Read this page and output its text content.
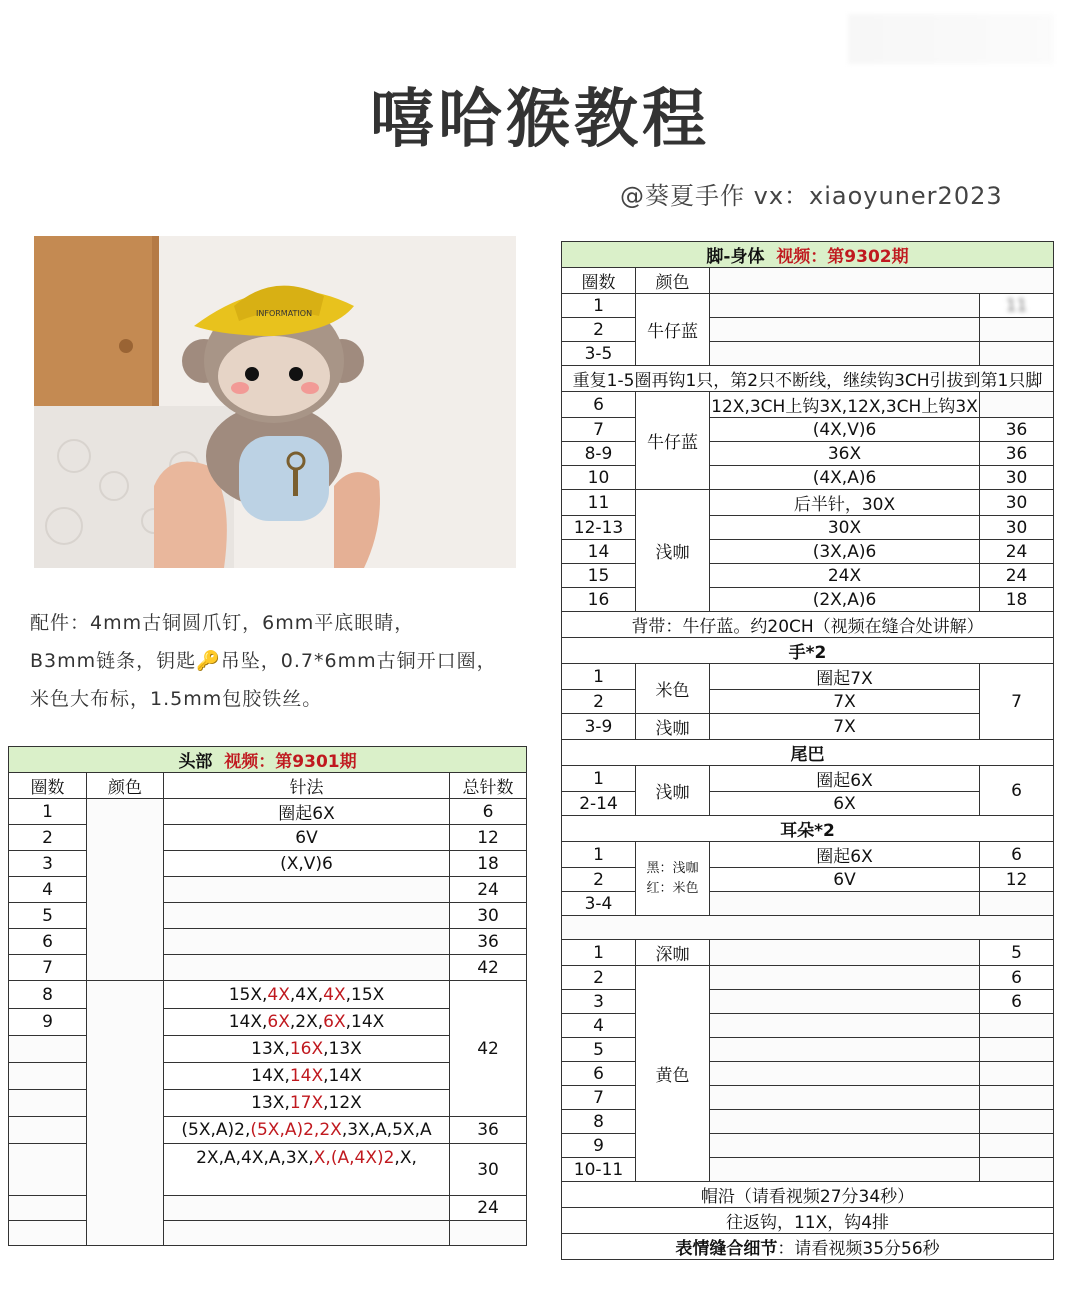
嘻哈猴教程
@葵夏手作 vx：xiaoyuner2023
INFORMATION

配件：4mm古铜圆爪钉，6mm平底眼睛，

B3mm链条，钥匙🔑吊坠，0.7*6mm古铜开口圈，

米色大布标，1.5mm包胶铁丝。

头部 视频：第9301期				
圈数	颜色	针法	总针数	
1		圈起6X	6	
2		6V	12	
3		(X,V)6	18	
4			24	
5			30	
6			36	
7			42	
8		15X,4X,4X,4X,15X	42	
9		14X,6X,2X,6X,14X		
		13X,16X,13X		
		14X,14X,14X		
		13X,17X,12X		
		(5X,A)2,(5X,A)2,2X,3X,A,5X,A	36	
		2X,A,4X,A,3X,X,(A,4X)2,X,	30	
			24	

脚-身体 视频：第9302期			
圈数	颜色		
1	牛仔蓝		11
2			
3-5			
重复1-5圈再钩1只，第2只不断线，继续钩3CH引拔到第1只脚			
6	牛仔蓝	12X,3CH上钩3X,12X,3CH上钩3X	
7		(4X,V)6	36
8-9		36X	36
10		(4X,A)6	30
11	浅咖	后半针，30X	30
12-13		30X	30
14		(3X,A)6	24
15		24X	24
16		(2X,A)6	18
背带：牛仔蓝。约20CH（视频在缝合处讲解）			
手*2			
1	米色	圈起7X	7
2		7X	
3-9	浅咖	7X	
尾巴			
1	浅咖	圈起6X	6
2-14		6X	
耳朵*2			
1	黑：浅咖
红：米色	圈起6X	6
2		6V	12
3-4			

1	深咖		5
2	黄色		6
3			6
4			
5			
6			
7			
8			
9			
10-11			
帽沿（请看视频27分34秒）			
往返钩，11X，钩4排			
表情缝合细节：请看视频35分56秒			
